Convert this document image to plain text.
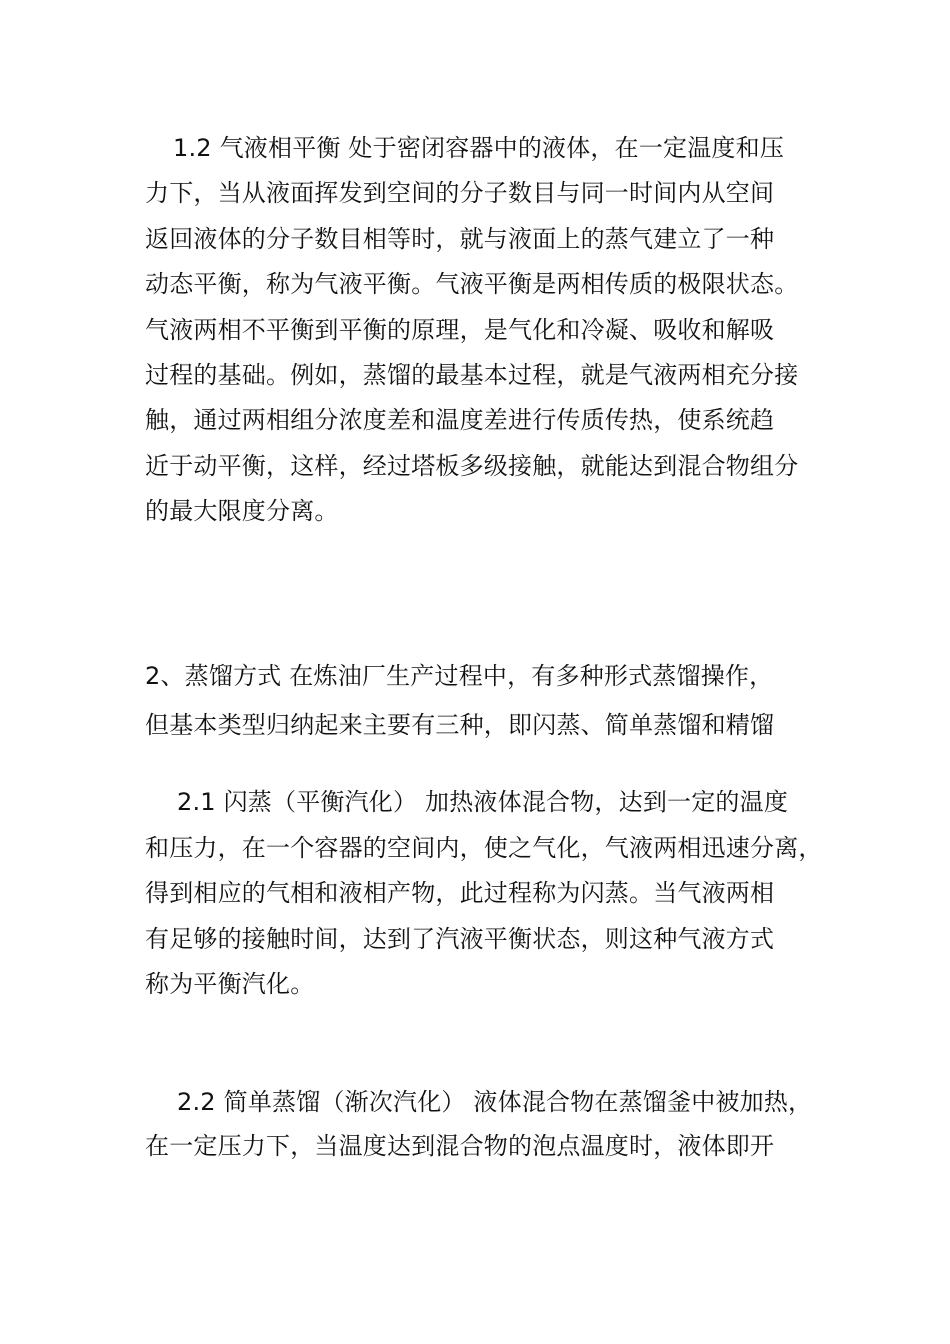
1.2 气液相平衡 处于密闭容器中的液体，在一定温度和压
力下，当从液面挥发到空间的分子数目与同一时间内从空间
返回液体的分子数目相等时，就与液面上的蒸气建立了一种
动态平衡，称为气液平衡。气液平衡是两相传质的极限状态。
气液两相不平衡到平衡的原理，是气化和冷凝、吸收和解吸
过程的基础。例如，蒸馏的最基本过程，就是气液两相充分接
触，通过两相组分浓度差和温度差进行传质传热，使系统趋
近于动平衡，这样，经过塔板多级接触，就能达到混合物组分
的最大限度分离。
2、蒸馏方式 在炼油厂生产过程中，有多种形式蒸馏操作，
但基本类型归纳起来主要有三种，即闪蒸、简单蒸馏和精馏
2.1 闪蒸（平衡汽化） 加热液体混合物，达到一定的温度
和压力，在一个容器的空间内，使之气化，气液两相迅速分离，
得到相应的气相和液相产物，此过程称为闪蒸。当气液两相
有足够的接触时间，达到了汽液平衡状态，则这种气液方式
称为平衡汽化。
2.2 简单蒸馏（渐次汽化） 液体混合物在蒸馏釜中被加热，
在一定压力下，当温度达到混合物的泡点温度时，液体即开
